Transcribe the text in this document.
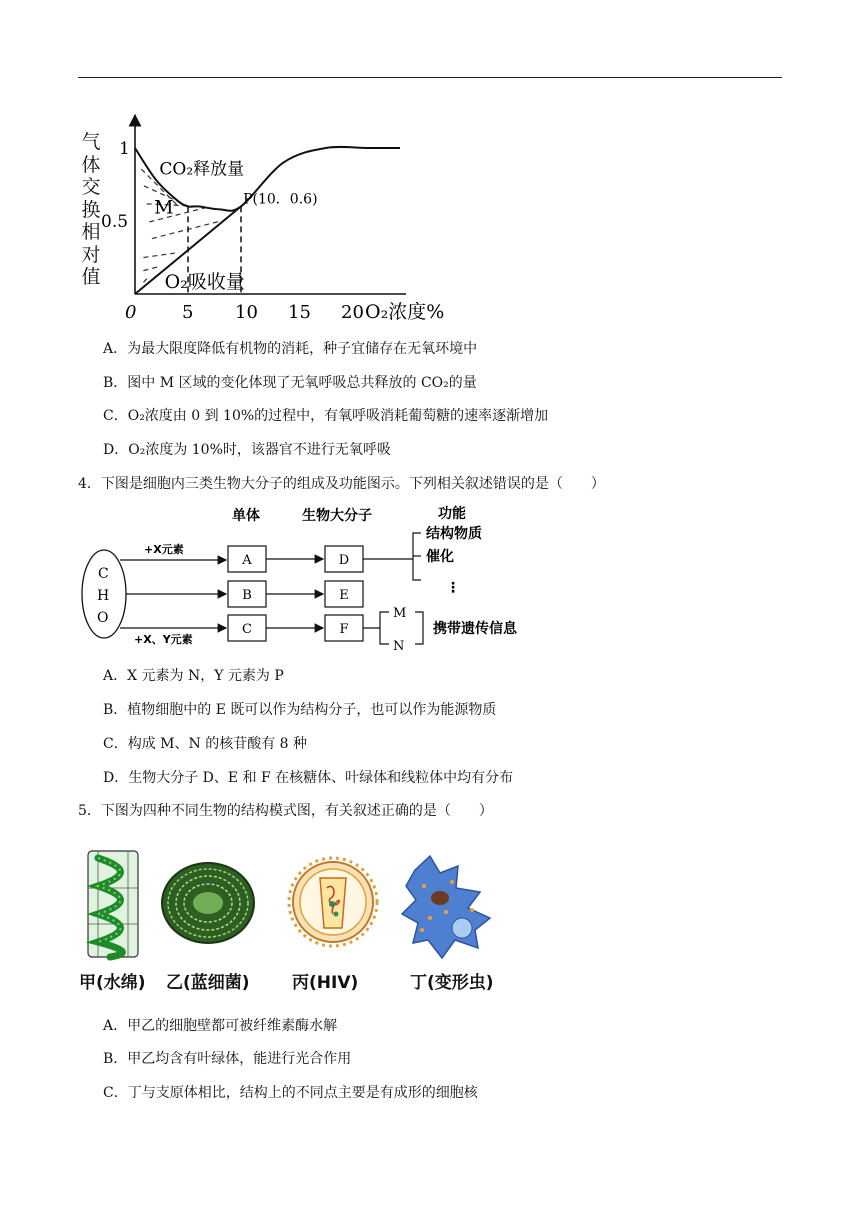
气体交换相对值
0	5 10 15 20 O₂浓度%
0.5
1
CO₂释放量
O₂吸收量
M	P(10．0.6)
A．为最大限度降低有机物的消耗，种子宜储存在无氧环境中
B．图中 M 区域的变化体现了无氧呼吸总共释放的 CO₂的量
C．O₂浓度由 0 到 10%的过程中，有氧呼吸消耗葡萄糖的速率逐渐增加
D．O₂浓度为 10%时，该器官不进行无氧呼吸
4．下图是细胞内三类生物大分子的组成及功能图示。下列相关叙述错误的是（　　）
单体	生物大分子	功能
C
H
O
+X元素
+X、Y元素
A
B
C
D
E
F
结构物质
催化
⋮
M
N
携带遗传信息
A．X 元素为 N，Y 元素为 P
B．植物细胞中的 E 既可以作为结构分子，也可以作为能源物质
C．构成 M、N 的核苷酸有 8 种
D．生物大分子 D、E 和 F 在核糖体、叶绿体和线粒体中均有分布
5．下图为四种不同生物的结构模式图，有关叙述正确的是（　　）
甲(水绵) 乙(蓝细菌) 丙(HIV)	丁(变形虫)
A．甲乙的细胞壁都可被纤维素酶水解
B．甲乙均含有叶绿体，能进行光合作用
C．丁与支原体相比，结构上的不同点主要是有成形的细胞核
